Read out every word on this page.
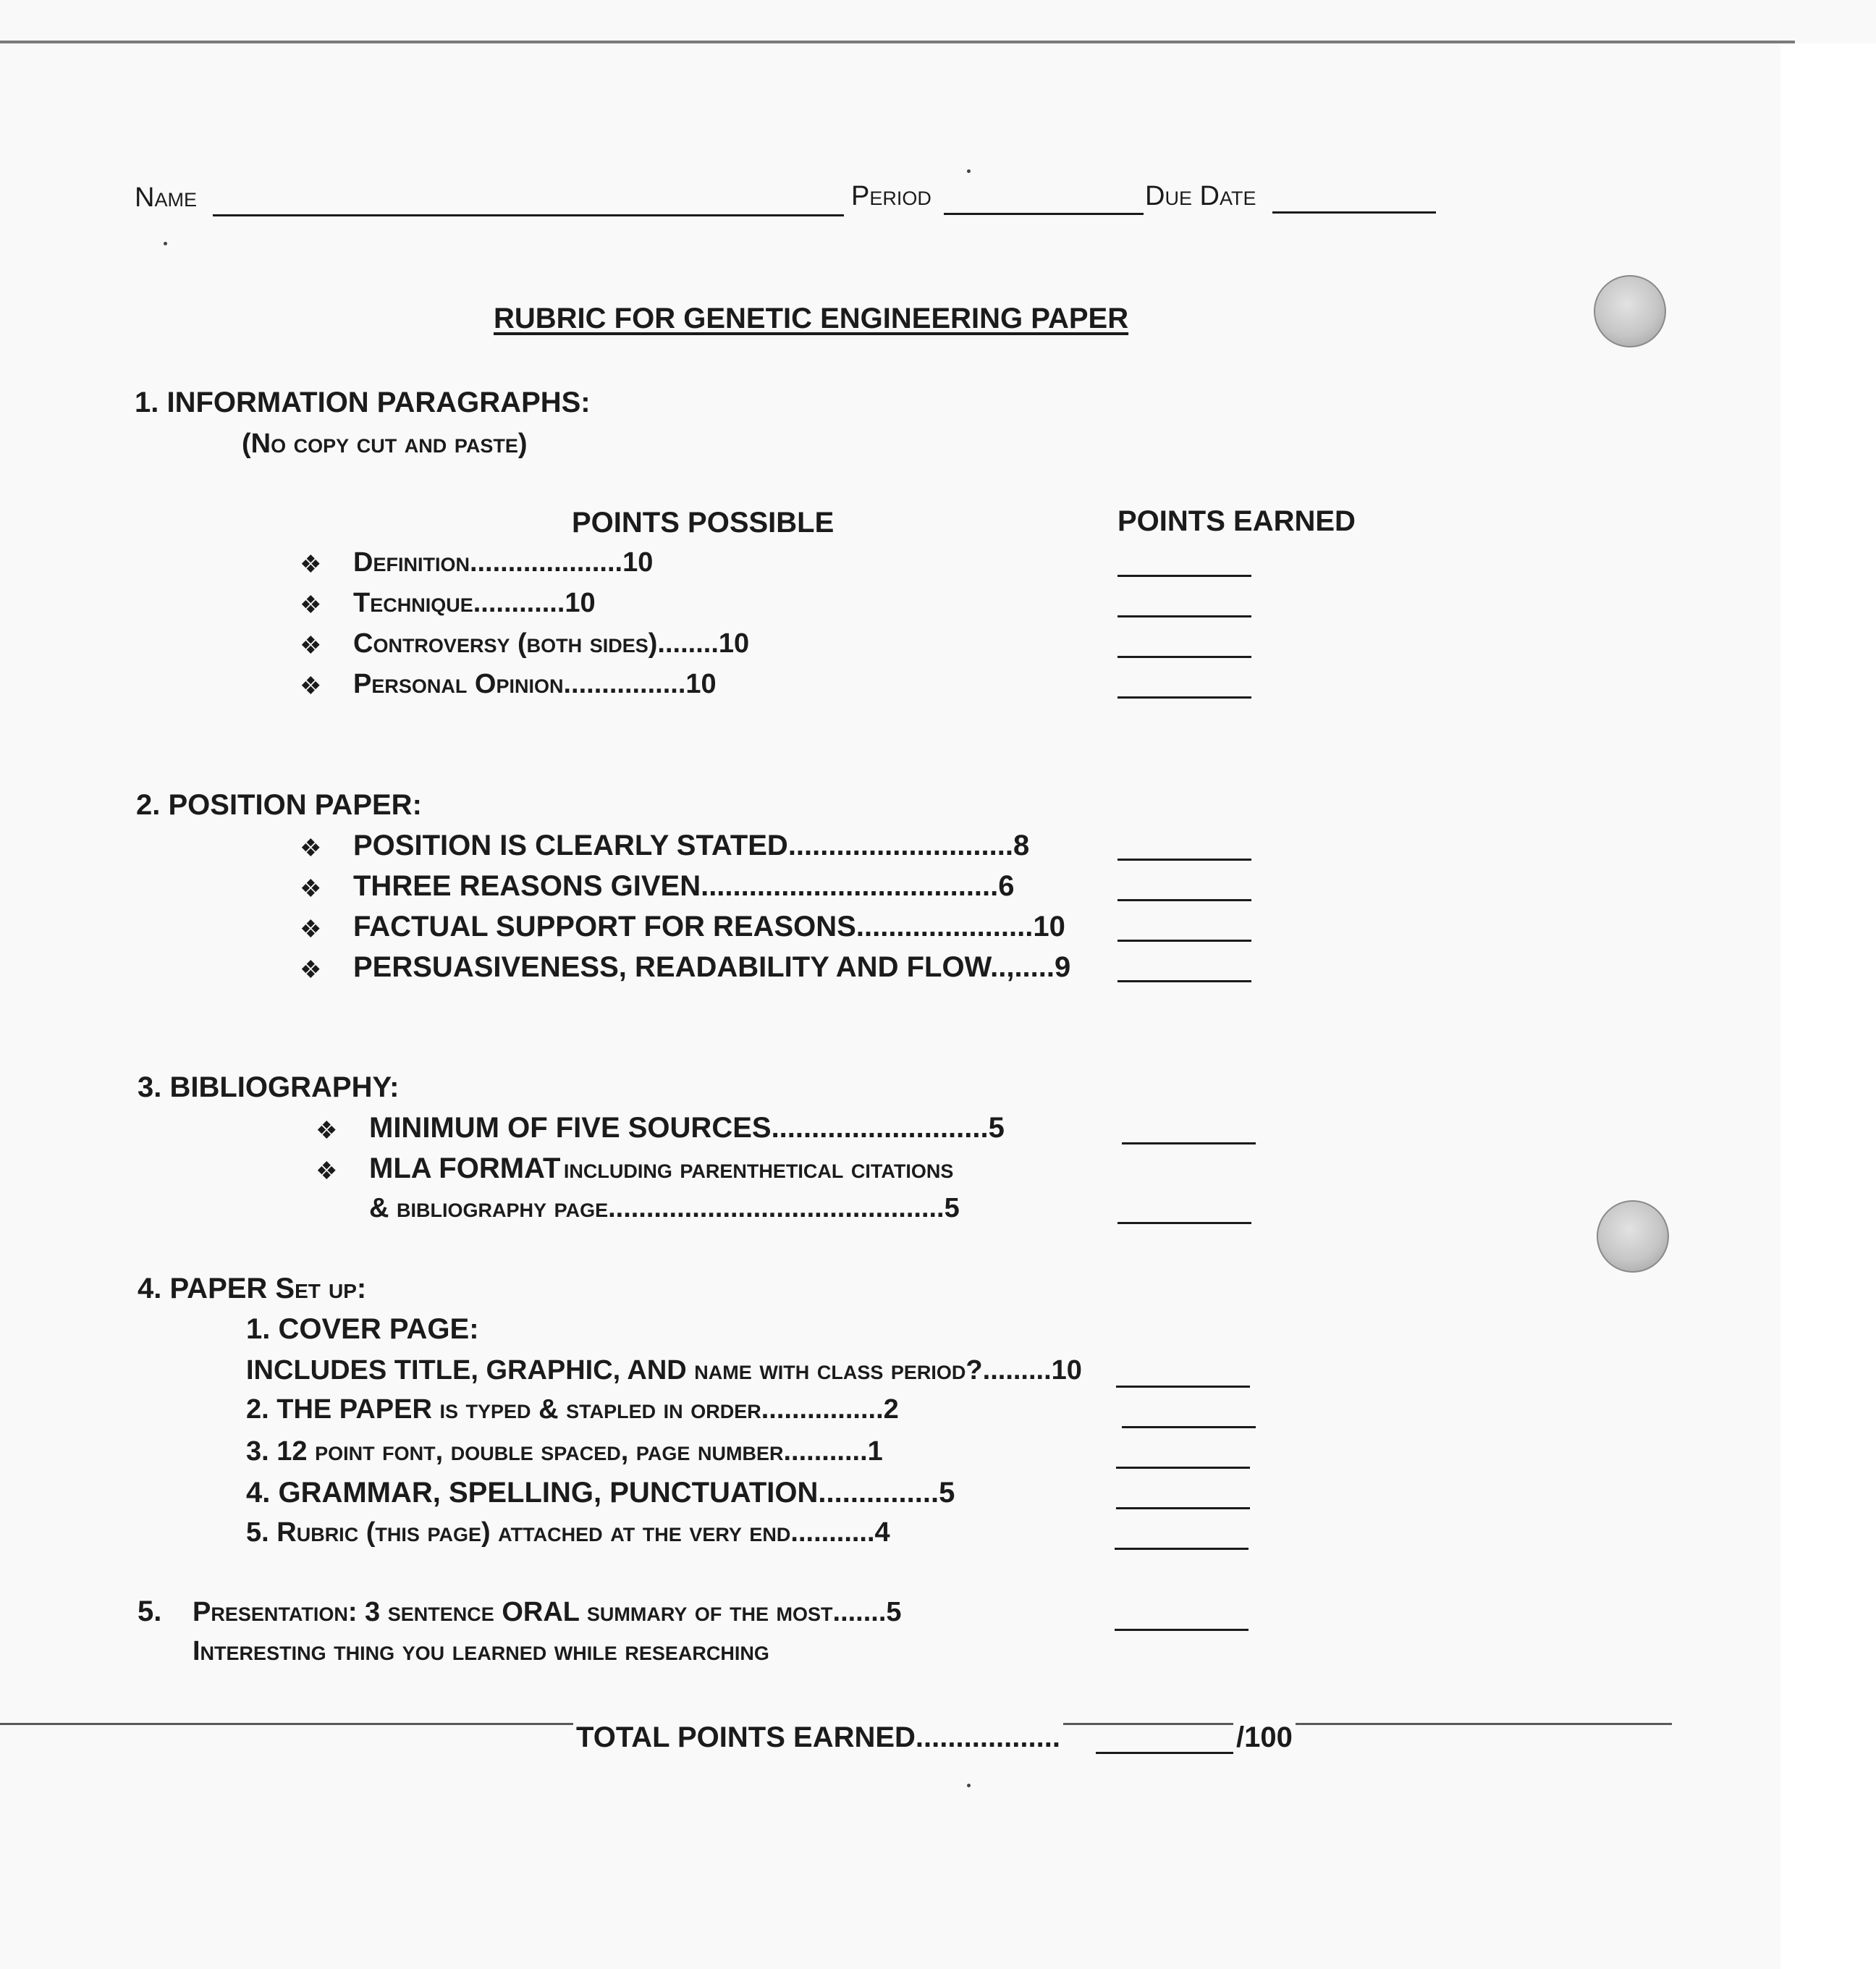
Name	Period	Due Date
RUBRIC FOR GENETIC ENGINEERING PAPER
1. INFORMATION PARAGRAPHS:
(No copy cut and paste)
POINTS POSSIBLE	POINTS EARNED
❖ Definition....................10
❖ Technique............10
❖ Controversy (both sides)........10
❖ Personal Opinion................10
2. POSITION PAPER:
❖ POSITION IS CLEARLY STATED............................8
❖ THREE REASONS GIVEN.....................................6
❖ FACTUAL SUPPORT FOR REASONS......................10
❖ PERSUASIVENESS, READABILITY AND FLOW..,.....9
3. BIBLIOGRAPHY:
❖ MINIMUM OF FIVE SOURCES...........................5
❖ MLA FORMAT including parenthetical citations
& bibliography page............................................5
4. PAPER Set up:
1. COVER PAGE:
INCLUDES TITLE, GRAPHIC, AND name with class period?.........10
2. THE PAPER is typed & stapled in order................2
3. 12 point font, double spaced, page number...........1
4. GRAMMAR, SPELLING, PUNCTUATION...............5
5. Rubric (this page) attached at the very end...........4
5. Presentation: 3 sentence ORAL summary of the most.......5
Interesting thing you learned while researching
TOTAL POINTS EARNED..................	/100
